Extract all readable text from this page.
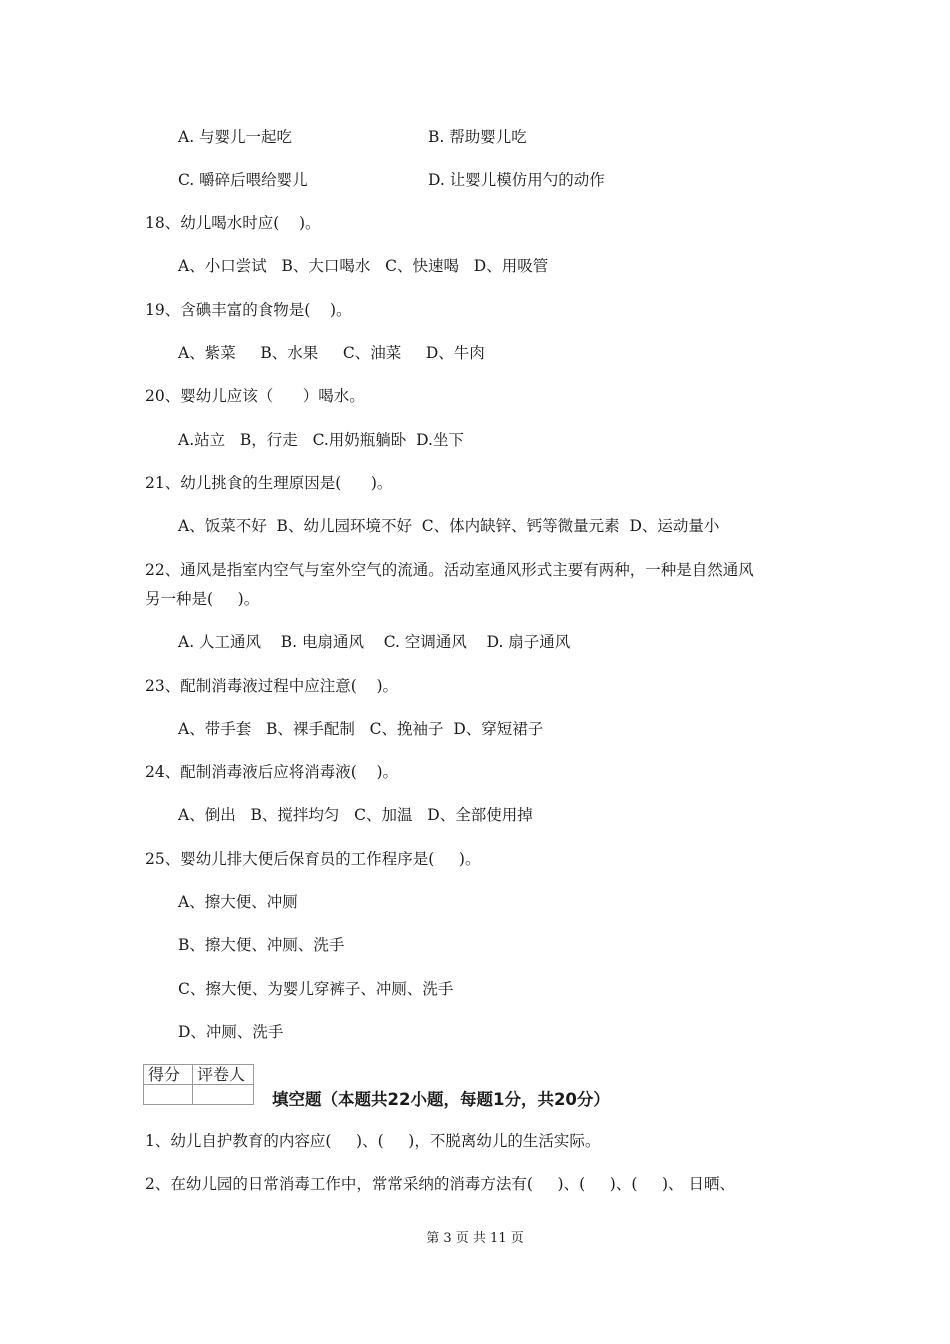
A. 与婴儿一起吃	B. 帮助婴儿吃
C. 嚼碎后喂给婴儿	D. 让婴儿模仿用勺的动作
18、幼儿喝水时应(    )。
A、小口尝试   B、大口喝水   C、快速喝   D、用吸管
19、含碘丰富的食物是(    )。
A、紫菜     B、水果     C、油菜     D、牛肉
20、婴幼儿应该（      ）喝水。
A.站立   B，行走   C.用奶瓶躺卧  D.坐下
21、幼儿挑食的生理原因是(      )。
A、饭菜不好  B、幼儿园环境不好  C、体内缺锌、钙等微量元素  D、运动量小
22、通风是指室内空气与室外空气的流通。活动室通风形式主要有两种，一种是自然通风
另一种是(     )。
A. 人工通风    B. 电扇通风    C. 空调通风    D. 扇子通风
23、配制消毒液过程中应注意(    )。
A、带手套   B、裸手配制   C、挽袖子  D、穿短裙子
24、配制消毒液后应将消毒液(    )。
A、倒出   B、搅拌均匀   C、加温   D、全部使用掉
25、婴幼儿排大便后保育员的工作程序是(     )。
A、擦大便、冲厕
B、擦大便、冲厕、洗手
C、擦大便、为婴儿穿裤子、冲厕、洗手
D、冲厕、洗手
得分	评卷人

填空题（本题共22小题，每题1分，共20分）
1、幼儿自护教育的内容应(     )、(     )，不脱离幼儿的生活实际。
2、在幼儿园的日常消毒工作中，常常采纳的消毒方法有(     )、(     )、(     )、 日晒、
第 3 页 共 11 页
